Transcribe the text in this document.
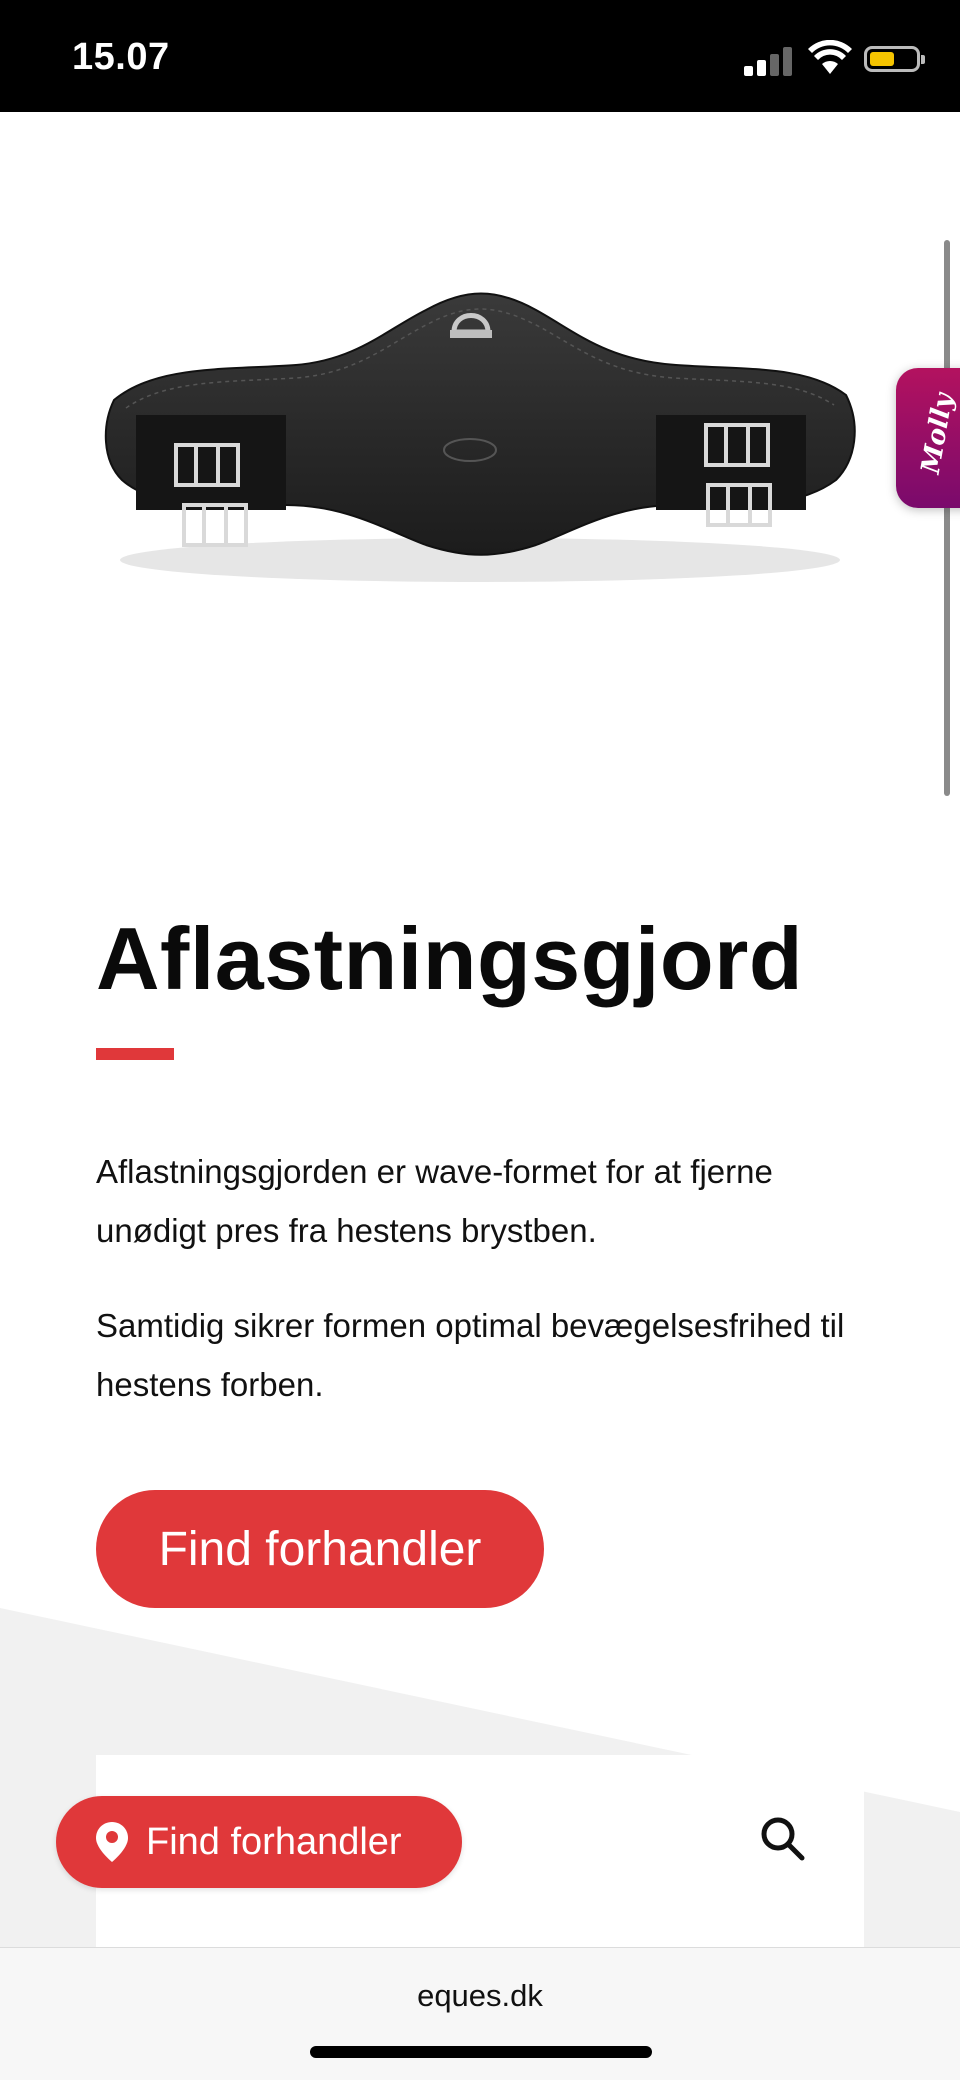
15.07
Molly
Aflastningsgjord

Aflastningsgjorden er wave-formet for at fjerne unødigt pres fra hestens brystben.

Samtidig sikrer formen optimal bevægelsesfrihed til hestens forben.

Find forhandler
Find forhandler
eques.dk
